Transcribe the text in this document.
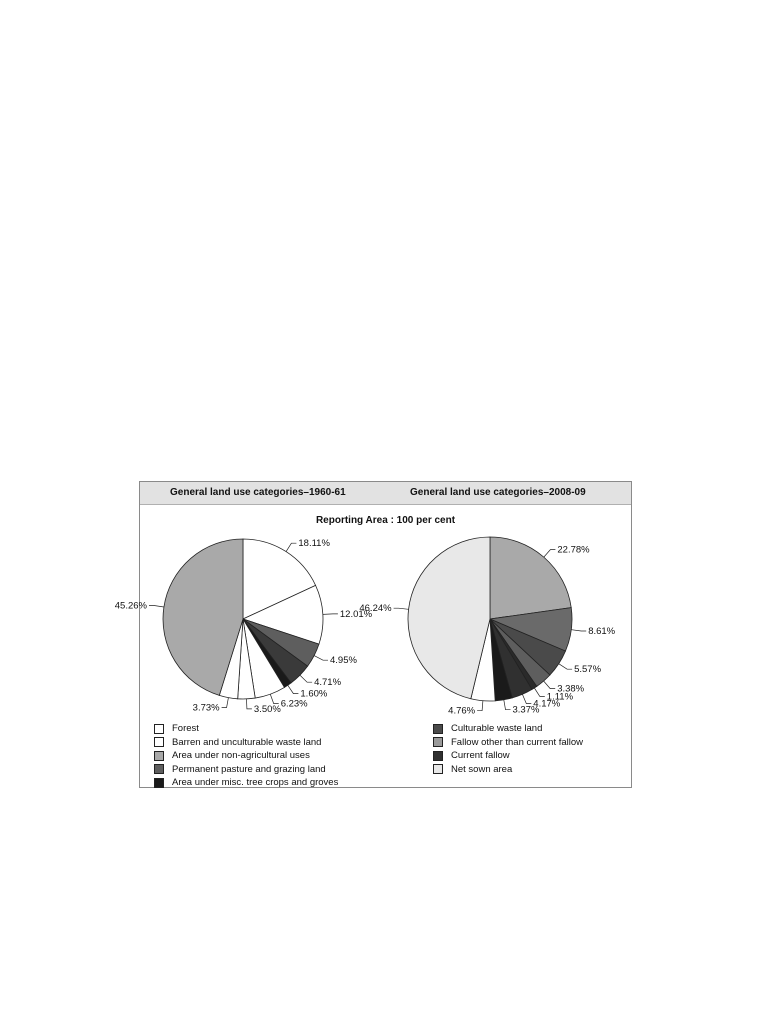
General land use categories–1960-61	General land use categories–2008-09
Reporting Area : 100 per cent
18.11%
12.01%
4.95%
4.71%
1.60%
6.23%
3.50%
3.73%
45.26%
22.78%
8.61%
5.57%
3.38%
1.11%
4.17%
3.37%
4.76%
46.24%
Forest
Barren and unculturable waste land
Area under non-agricultural uses
Permanent pasture and grazing land
Area under misc. tree crops and groves
Culturable waste land
Fallow other than current fallow
Current fallow
Net sown area
